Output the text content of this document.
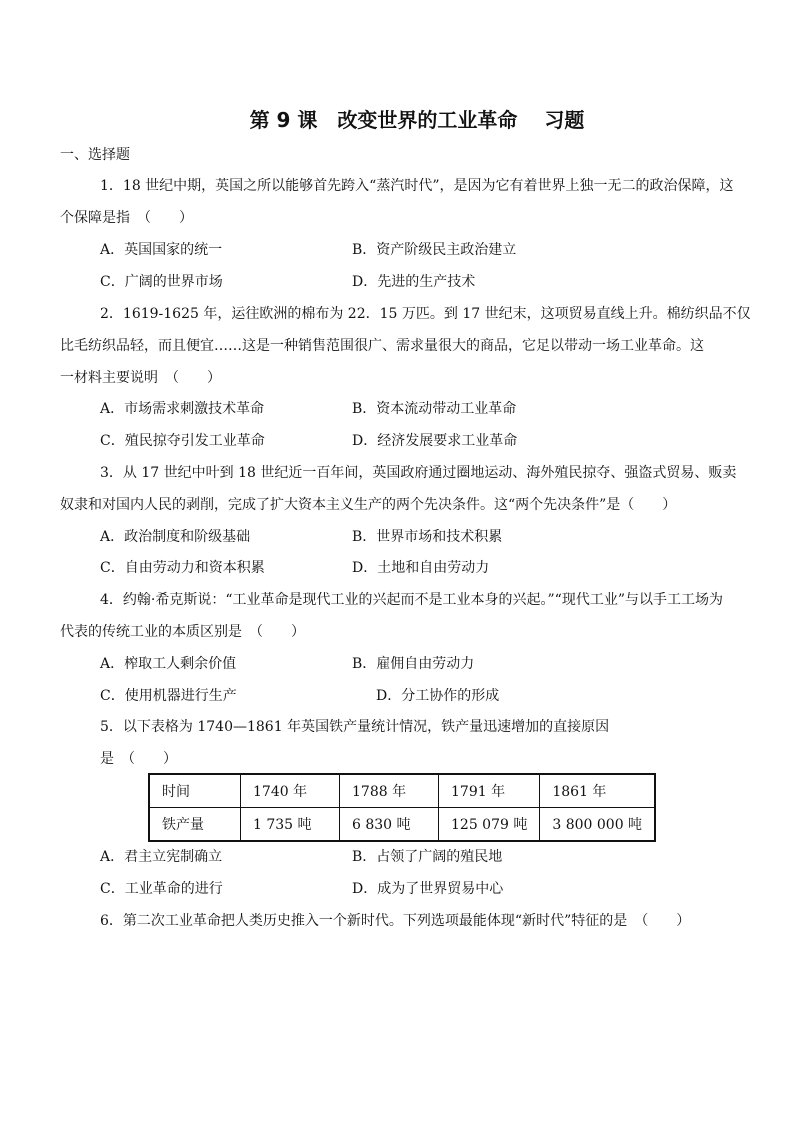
第 9 课　改变世界的工业革命　 习题
一、选择题
1．18 世纪中期，英国之所以能够首先跨入“蒸汽时代”，是因为它有着世界上独一无二的政治保障，这
个保障是指　（　　）
A．英国国家的统一	B．资产阶级民主政治建立
C．广阔的世界市场	D．先进的生产技术
2．1619-1625 年，运往欧洲的棉布为 22．15 万匹。到 17 世纪末，这项贸易直线上升。棉纺织品不仅
比毛纺织品轻，而且便宜……这是一种销售范围很广、需求量很大的商品，它足以带动一场工业革命。这
一材料主要说明　（　　）
A．市场需求刺激技术革命	B．资本流动带动工业革命
C．殖民掠夺引发工业革命	D．经济发展要求工业革命
3．从 17 世纪中叶到 18 世纪近一百年间，英国政府通过圈地运动、海外殖民掠夺、强盗式贸易、贩卖
奴隶和对国内人民的剥削，完成了扩大资本主义生产的两个先决条件。这“两个先决条件”是（　　）
A．政治制度和阶级基础	B．世界市场和技术积累
C．自由劳动力和资本积累	D．土地和自由劳动力
4．约翰·希克斯说：“工业革命是现代工业的兴起而不是工业本身的兴起。”“现代工业”与以手工工场为
代表的传统工业的本质区别是　（　　）
A．榨取工人剩余价值	B．雇佣自由劳动力
C．使用机器进行生产	D．分工协作的形成
5．以下表格为 1740—1861 年英国铁产量统计情况，铁产量迅速增加的直接原因
是　（　　）
时间	1740 年	1788 年	1791 年	1861 年
铁产量	1 735 吨	6 830 吨	125 079 吨	3 800 000 吨
A．君主立宪制确立	B．占领了广阔的殖民地
C．工业革命的进行	D．成为了世界贸易中心
6．第二次工业革命把人类历史推入一个新时代。下列选项最能体现“新时代”特征的是　（　　）
